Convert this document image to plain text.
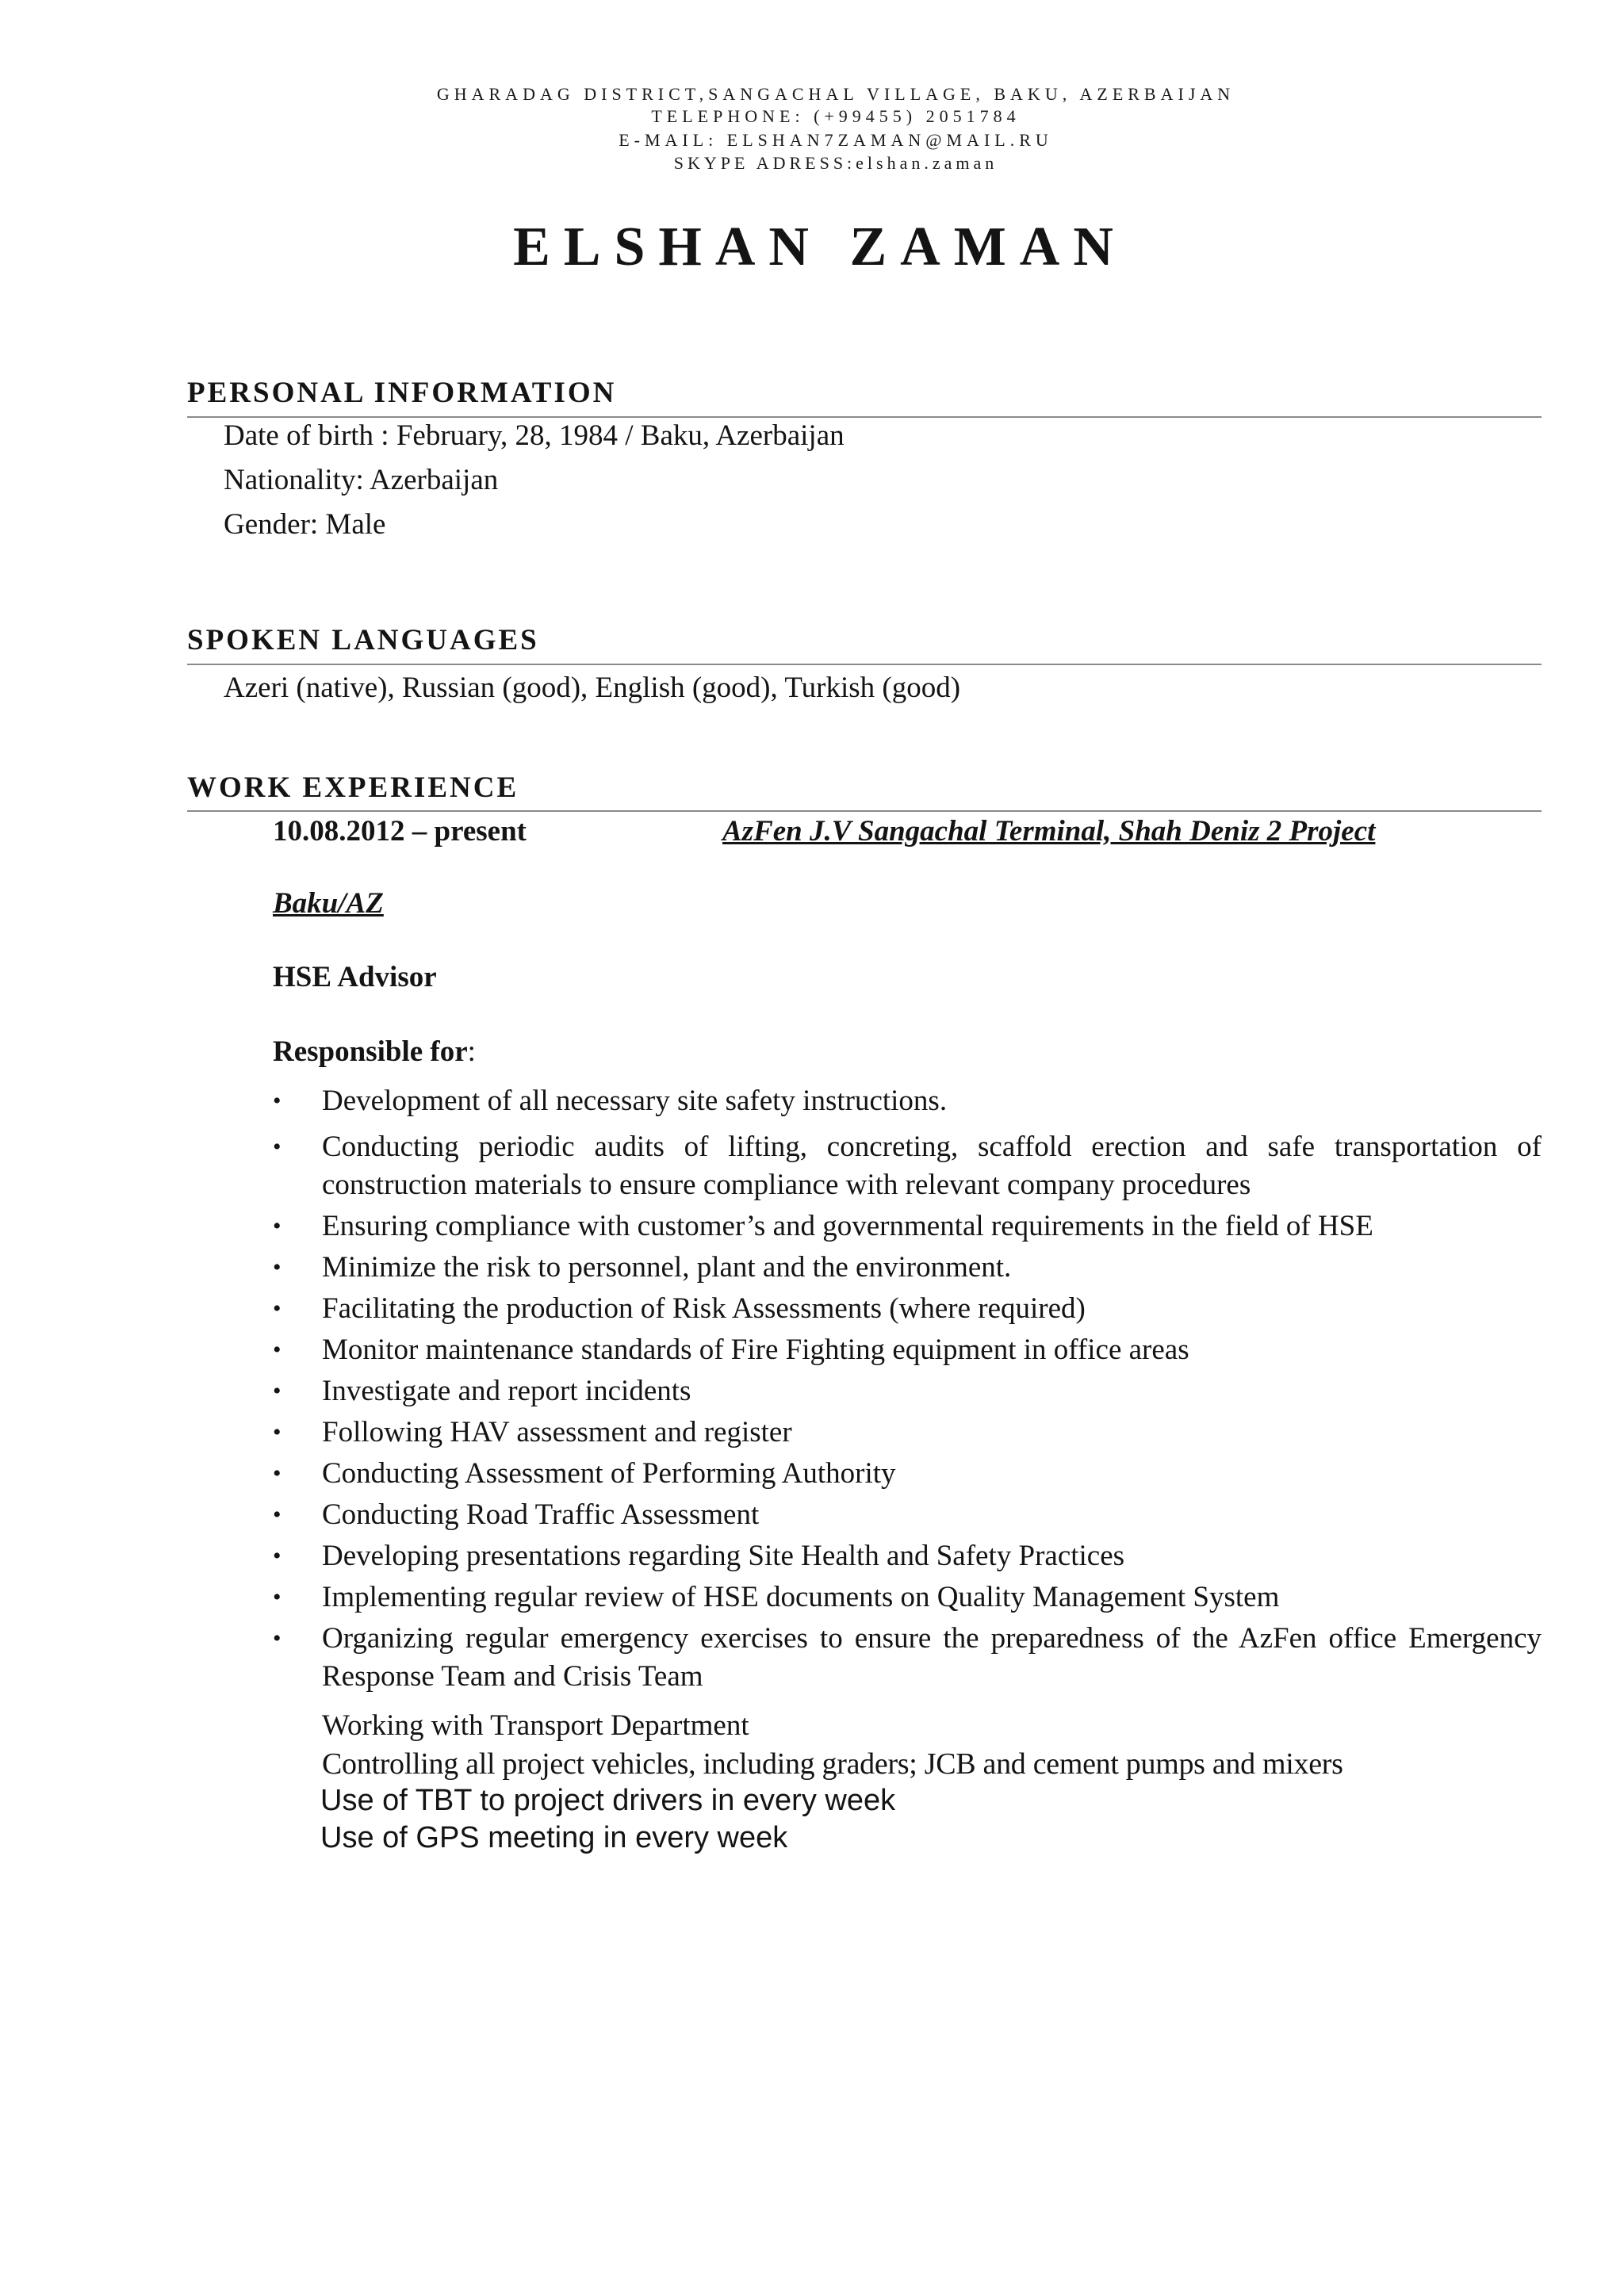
GHARADAG DISTRICT,SANGACHAL VILLAGE, BAKU, AZERBAIJAN
TELEPHONE: (+99455) 2051784
E-MAIL: ELSHAN7ZAMAN@MAIL.RU
SKYPE ADRESS:elshan.zaman
ELSHAN ZAMAN
PERSONAL INFORMATION
Date of birth : February, 28, 1984 / Baku, Azerbaijan
Nationality: Azerbaijan
Gender: Male
SPOKEN LANGUAGES
Azeri (native), Russian (good), English (good), Turkish (good)
WORK EXPERIENCE
10.08.2012 – present	AzFen J.V Sangachal Terminal, Shah Deniz 2 Project
Baku/AZ
HSE Advisor
Responsible for:
• Development of all necessary site safety instructions.
• Conducting periodic audits of lifting, concreting, scaffold erection and safe transportation of construction materials to ensure compliance with relevant company procedures
• Ensuring compliance with customer’s and governmental requirements in the field of HSE
• Minimize the risk to personnel, plant and the environment.
• Facilitating the production of Risk Assessments (where required)
• Monitor maintenance standards of Fire Fighting equipment in office areas
• Investigate and report incidents
• Following HAV assessment and register
• Conducting Assessment of Performing Authority
• Conducting Road Traffic Assessment
• Developing presentations regarding Site Health and Safety Practices
• Implementing regular review of HSE documents on Quality Management System
• Organizing regular emergency exercises to ensure the preparedness of the AzFen office Emergency Response Team and Crisis Team
Working with Transport Department
Controlling all project vehicles, including graders; JCB and cement pumps and mixers
Use of TBT to project drivers in every week
Use of GPS meeting in every week
